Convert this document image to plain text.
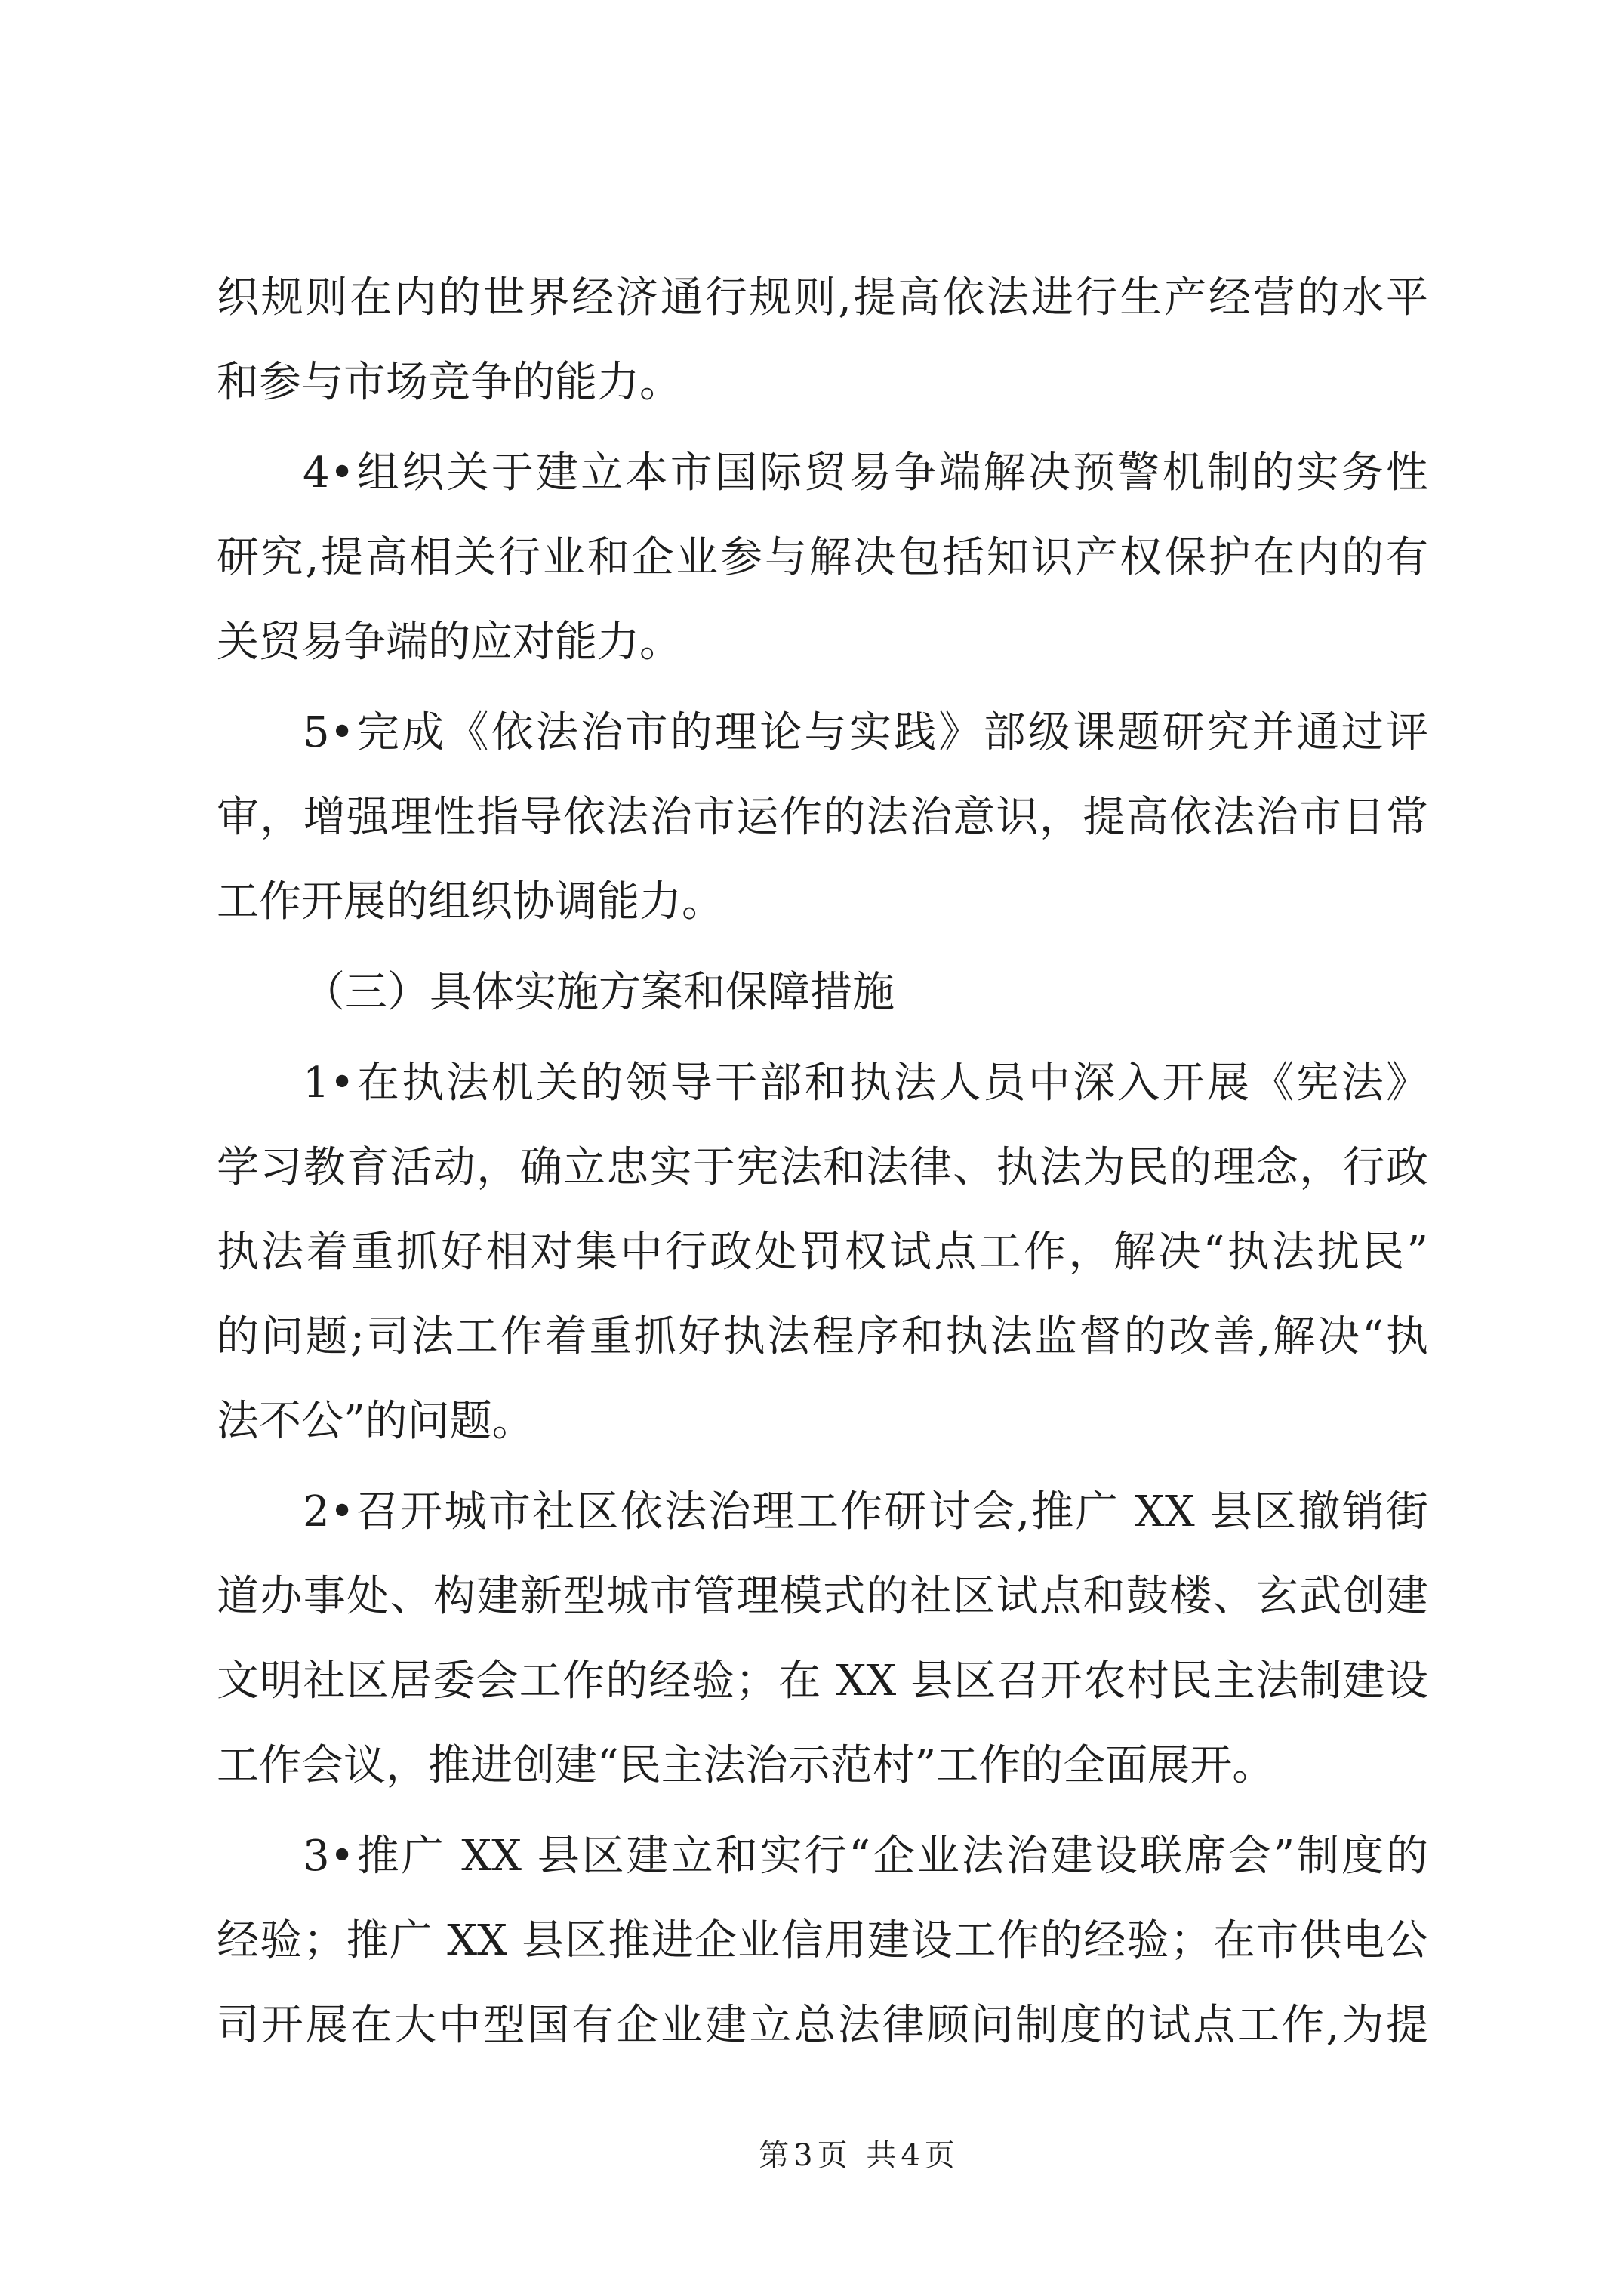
织规则在内的世界经济通行规则,提高依法进行生产经营的水平
和参与市场竞争的能力。
4•组织关于建立本市国际贸易争端解决预警机制的实务性
研究,提高相关行业和企业参与解决包括知识产权保护在内的有
关贸易争端的应对能力。
5•完成《依法治市的理论与实践》部级课题研究并通过评
审，增强理性指导依法治市运作的法治意识，提高依法治市日常
工作开展的组织协调能力。
（三）具体实施方案和保障措施
1•在执法机关的领导干部和执法人员中深入开展《宪法》
学习教育活动，确立忠实于宪法和法律、执法为民的理念，行政
执法着重抓好相对集中行政处罚权试点工作，解决“执法扰民”
的问题;司法工作着重抓好执法程序和执法监督的改善,解决“执
法不公”的问题。
2•召开城市社区依法治理工作研讨会,推广 XX 县区撤销街
道办事处、构建新型城市管理模式的社区试点和鼓楼、玄武创建
文明社区居委会工作的经验；在 XX 县区召开农村民主法制建设
工作会议，推进创建“民主法治示范村”工作的全面展开。
3•推广 XX 县区建立和实行“企业法治建设联席会”制度的
经验；推广 XX 县区推进企业信用建设工作的经验；在市供电公
司开展在大中型国有企业建立总法律顾问制度的试点工作,为提
第3页 共4页
